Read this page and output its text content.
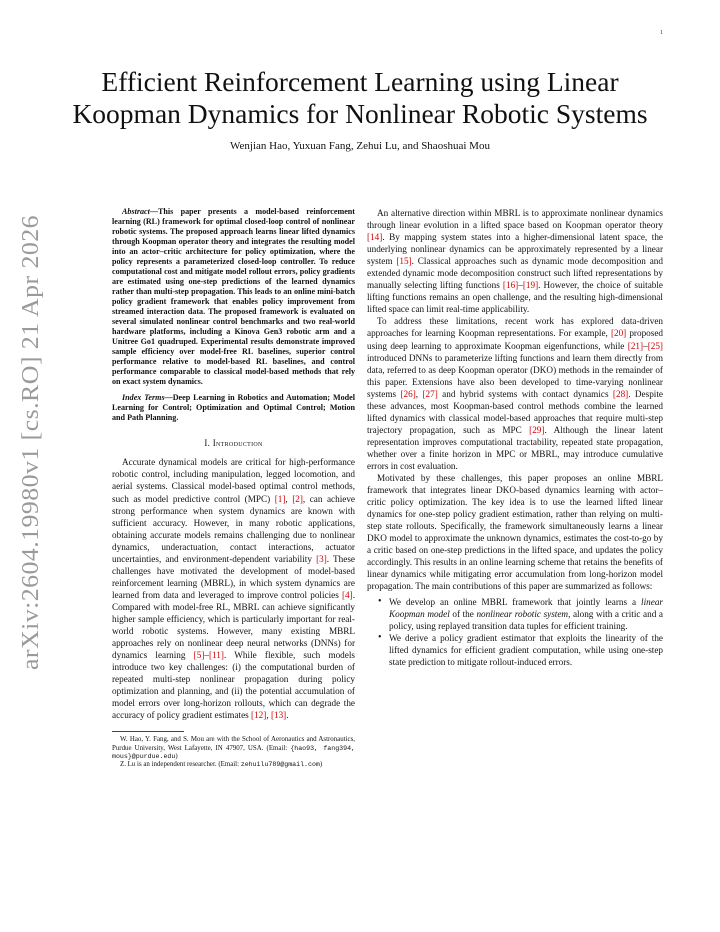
1
arXiv:2604.19980v1 [cs.RO] 21 Apr 2026
Efficient Reinforcement Learning using Linear
Koopman Dynamics for Nonlinear Robotic Systems
Wenjian Hao, Yuxuan Fang, Zehui Lu, and Shaoshuai Mou

Abstract—This paper presents a model-based reinforcement learning (RL) framework for optimal closed-loop control of nonlinear robotic systems. The proposed approach learns linear lifted dynamics through Koopman operator theory and integrates the resulting model into an actor–critic architecture for policy optimization, where the policy represents a parameterized closed-loop controller. To reduce computational cost and mitigate model rollout errors, policy gradients are estimated using one-step predictions of the learned dynamics rather than multi-step propagation. This leads to an online mini-batch policy gradient framework that enables policy improvement from streamed interaction data. The proposed framework is evaluated on several simulated nonlinear control benchmarks and two real-world hardware platforms, including a Kinova Gen3 robotic arm and a Unitree Go1 quadruped. Experimental results demonstrate improved sample efficiency over model-free RL baselines, superior control performance relative to model-based RL baselines, and control performance comparable to classical model-based methods that rely on exact system dynamics.

Index Terms—Deep Learning in Robotics and Automation; Model Learning for Control; Optimization and Optimal Control; Motion and Path Planning.

I. Introduction

Accurate dynamical models are critical for high-performance robotic control, including manipulation, legged locomotion, and aerial systems. Classical model-based optimal control methods, such as model predictive control (MPC) [1], [2], can achieve strong performance when system dynamics are known with sufficient accuracy. However, in many robotic applications, obtaining accurate models remains challenging due to nonlinear dynamics, underactuation, contact interactions, actuator uncertainties, and environment-dependent variability [3]. These challenges have motivated the development of model-based reinforcement learning (MBRL), in which system dynamics are learned from data and leveraged to improve control policies [4]. Compared with model-free RL, MBRL can achieve significantly higher sample efficiency, which is particularly important for real-world robotic systems. However, many existing MBRL approaches rely on nonlinear deep neural networks (DNNs) for dynamics learning [5]–[11]. While flexible, such models introduce two key challenges: (i) the computational burden of repeated multi-step nonlinear propagation during policy optimization and planning, and (ii) the potential accumulation of model errors over long-horizon rollouts, which can degrade the accuracy of policy gradient estimates [12], [13].

W. Hao, Y. Fang, and S. Mou are with the School of Aeronautics and Astronautics, Purdue University, West Lafayette, IN 47907, USA. (Email: {hao93, fang394, mous}@purdue.edu)

Z. Lu is an independent researcher. (Email: zehuilu789@gmail.com)

An alternative direction within MBRL is to approximate nonlinear dynamics through linear evolution in a lifted space based on Koopman operator theory [14]. By mapping system states into a higher-dimensional latent space, the underlying nonlinear dynamics can be approximately represented by a linear system [15]. Classical approaches such as dynamic mode decomposition and extended dynamic mode decomposition construct such lifted representations by manually selecting lifting functions [16]–[19]. However, the choice of suitable lifting functions remains an open challenge, and the resulting high-dimensional lifted space can limit real-time applicability.

To address these limitations, recent work has explored data-driven approaches for learning Koopman representations. For example, [20] proposed using deep learning to approximate Koopman eigenfunctions, while [21]–[25] introduced DNNs to parameterize lifting functions and learn them directly from data, referred to as deep Koopman operator (DKO) methods in the remainder of this paper. Extensions have also been developed to time-varying nonlinear systems [26], [27] and hybrid systems with contact dynamics [28]. Despite these advances, most Koopman-based control methods combine the learned lifted dynamics with classical model-based approaches that require multi-step trajectory propagation, such as MPC [29]. Although the linear latent representation improves computational tractability, repeated state propagation, whether over a finite horizon in MPC or MBRL, may introduce cumulative errors in cost evaluation.

Motivated by these challenges, this paper proposes an online MBRL framework that integrates linear DKO-based dynamics learning with actor–critic policy optimization. The key idea is to use the learned lifted linear dynamics for one-step policy gradient estimation, rather than relying on multi-step state rollouts. Specifically, the framework simultaneously learns a linear DKO model to approximate the unknown dynamics, estimates the cost-to-go by a critic based on one-step predictions in the lifted space, and updates the policy accordingly. This results in an online learning scheme that retains the benefits of linear dynamics while mitigating error accumulation from long-horizon model propagation. The main contributions of this paper are summarized as follows:

• We develop an online MBRL framework that jointly learns a linear Koopman model of the nonlinear robotic system, along with a critic and a policy, using replayed transition data tuples for efficient training.
• We derive a policy gradient estimator that exploits the linearity of the lifted dynamics for efficient gradient computation, while using one-step state prediction to mitigate rollout-induced errors.
